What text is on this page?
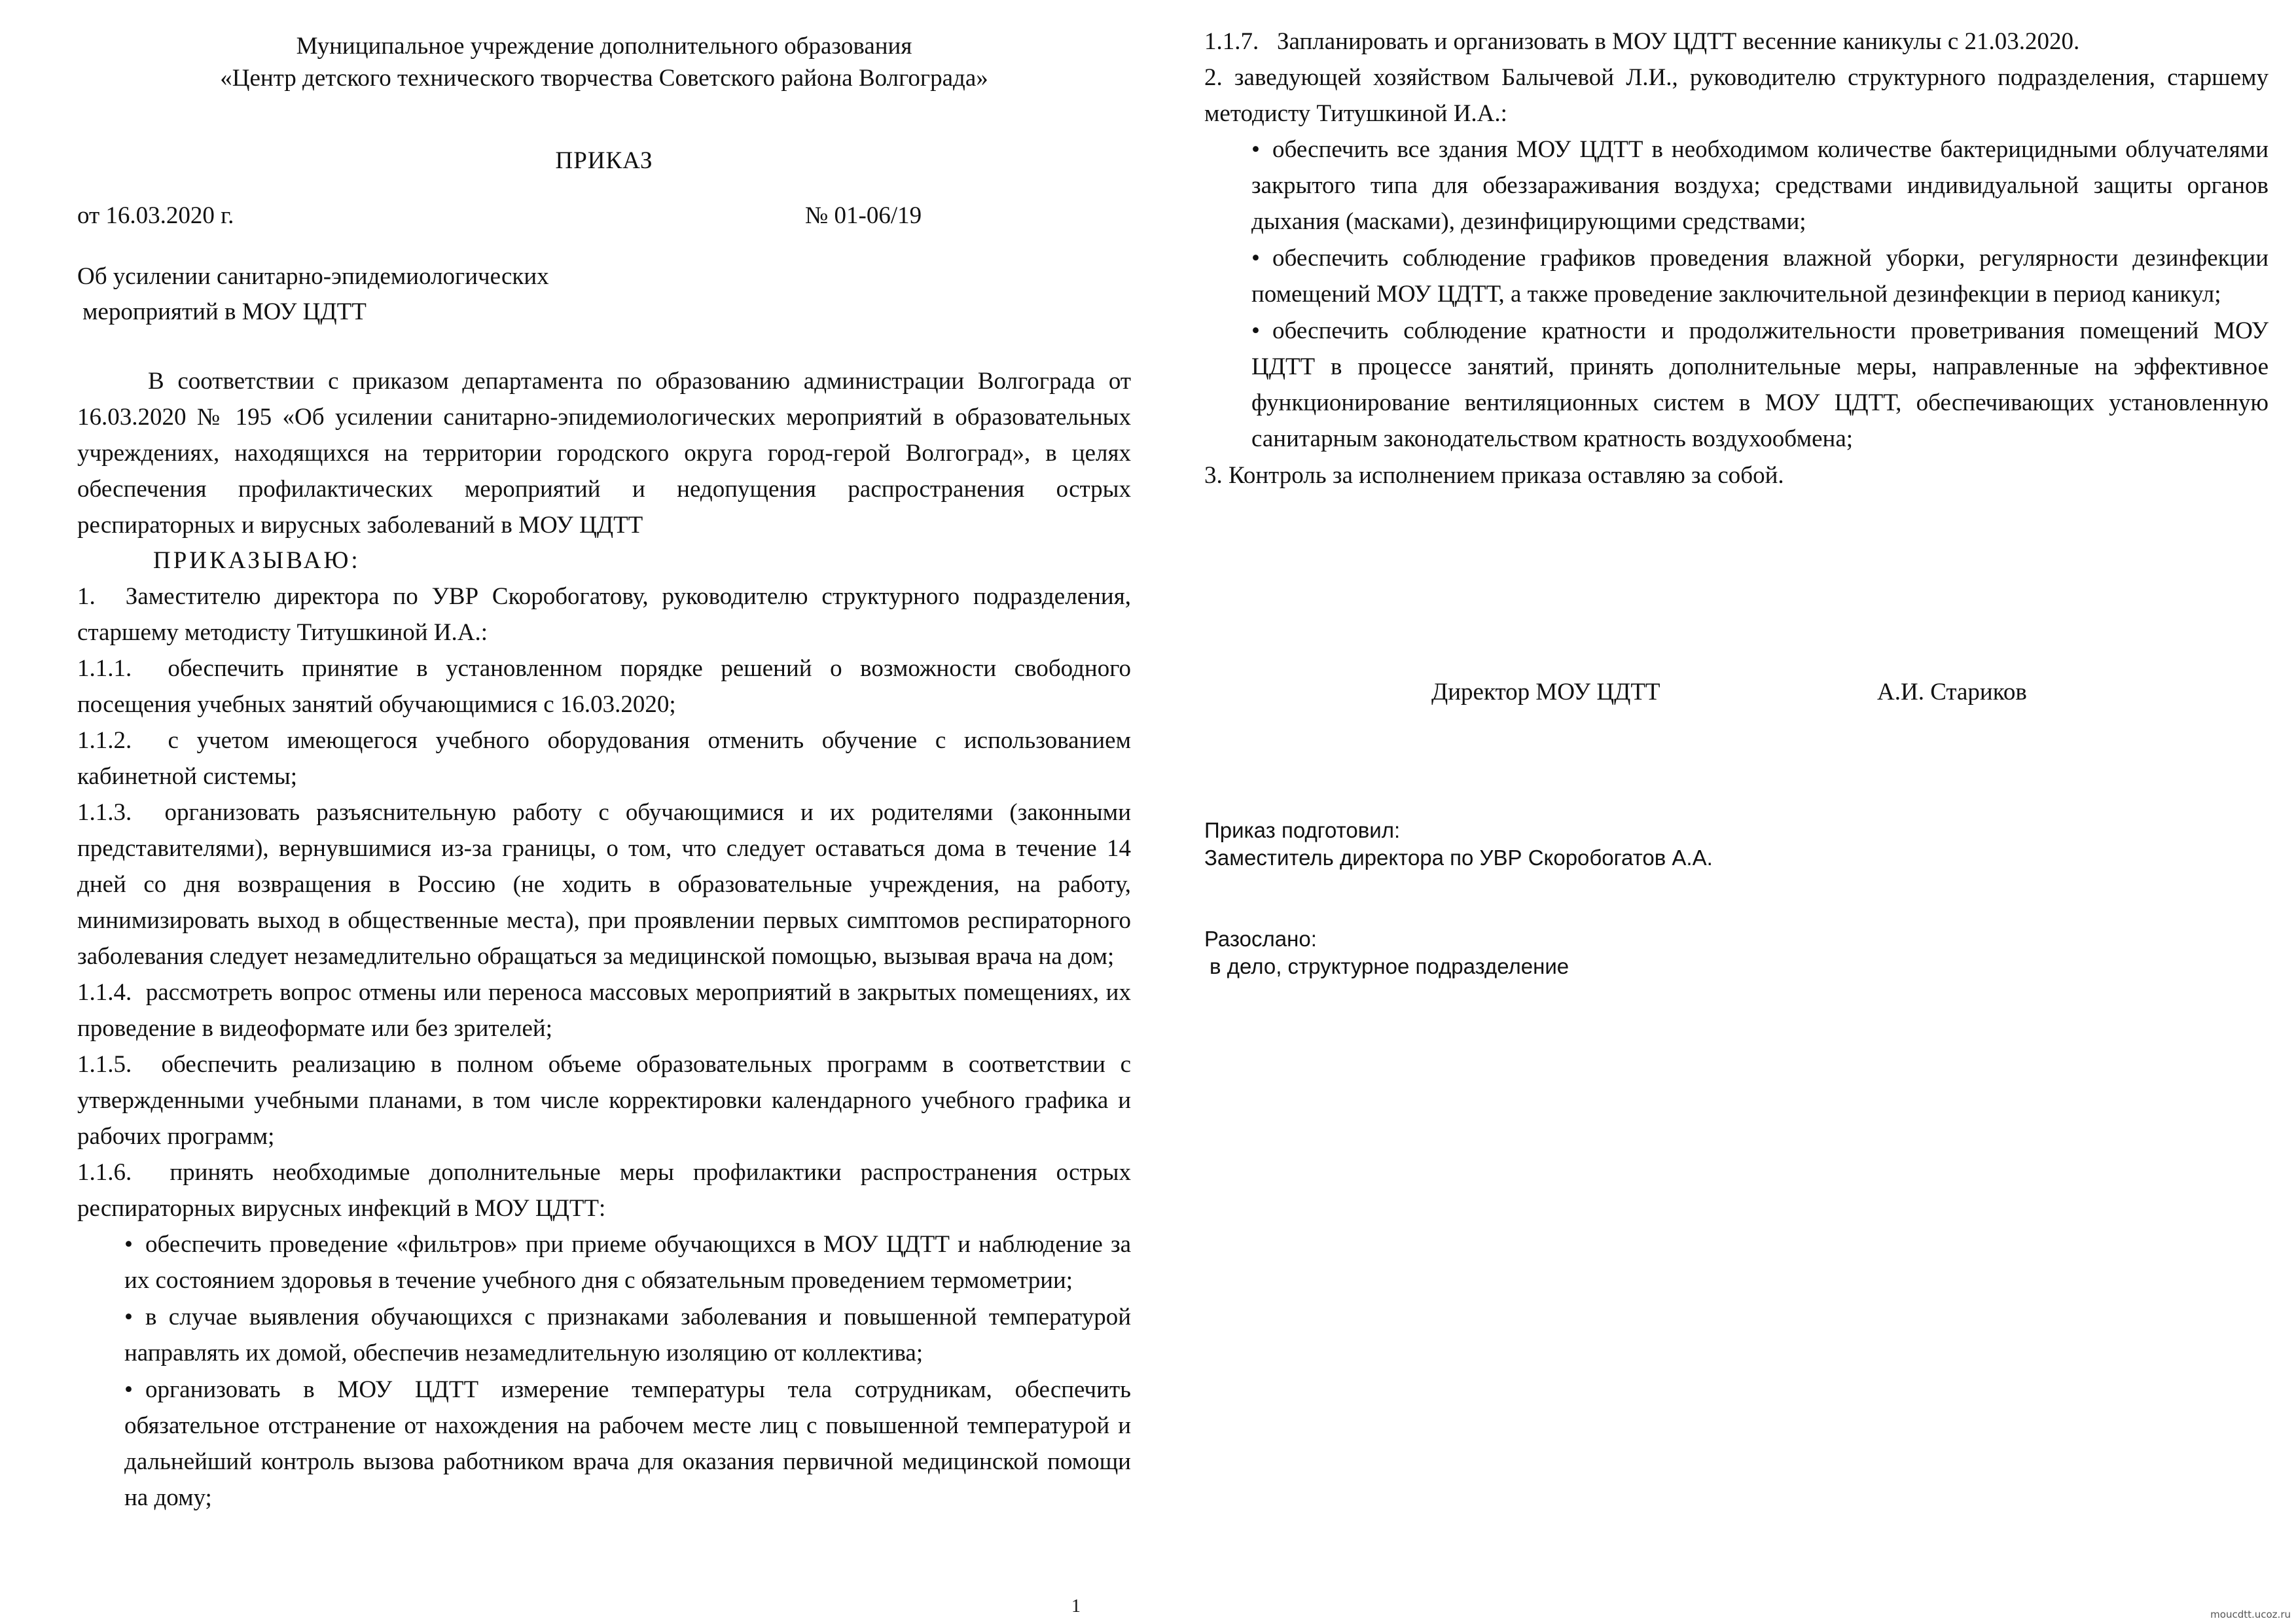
Муниципальное учреждение дополнительного образования
«Центр детского технического творчества Советского района Волгограда»
ПРИКАЗ
от 16.03.2020 г.	№ 01-06/19
Об усилении санитарно-эпидемиологических
мероприятий в МОУ ЦДТТ
В соответствии с приказом департамента по образованию администрации Волгограда от 16.03.2020 № 195 «Об усилении санитарно-эпидемиологических мероприятий в образовательных учреждениях, находящихся на территории городского округа город-герой Волгоград», в целях обеспечения профилактических мероприятий и недопущения распространения острых респираторных и вирусных заболеваний в МОУ ЦДТТ
ПРИКАЗЫВАЮ:
1. Заместителю директора по УВР Скоробогатову, руководителю структурного подразделения, старшему методисту Титушкиной И.А.:
1.1.1. обеспечить принятие в установленном порядке решений о возможности свободного посещения учебных занятий обучающимися с 16.03.2020;
1.1.2. с учетом имеющегося учебного оборудования отменить обучение с использованием кабинетной системы;
1.1.3. организовать разъяснительную работу с обучающимися и их родителями (законными представителями), вернувшимися из-за границы, о том, что следует оставаться дома в течение 14 дней со дня возвращения в Россию (не ходить в образовательные учреждения, на работу, минимизировать выход в общественные места), при проявлении первых симптомов респираторного заболевания следует незамедлительно обращаться за медицинской помощью, вызывая врача на дом;
1.1.4. рассмотреть вопрос отмены или переноса массовых мероприятий в закрытых помещениях, их проведение в видеоформате или без зрителей;
1.1.5. обеспечить реализацию в полном объеме образовательных программ в соответствии с утвержденными учебными планами, в том числе корректировки календарного учебного графика и рабочих программ;
1.1.6. принять необходимые дополнительные меры профилактики распространения острых респираторных вирусных инфекций в МОУ ЦДТТ:
• обеспечить проведение «фильтров» при приеме обучающихся в МОУ ЦДТТ и наблюдение за их состоянием здоровья в течение учебного дня с обязательным проведением термометрии;
• в случае выявления обучающихся с признаками заболевания и повышенной температурой направлять их домой, обеспечив незамедлительную изоляцию от коллектива;
• организовать в МОУ ЦДТТ измерение температуры тела сотрудникам, обеспечить обязательное отстранение от нахождения на рабочем месте лиц с повышенной температурой и дальнейший контроль вызова работником врача для оказания первичной медицинской помощи на дому;
1
1.1.7. Запланировать и организовать в МОУ ЦДТТ весенние каникулы с 21.03.2020.
2. заведующей хозяйством Балычевой Л.И., руководителю структурного подразделения, старшему методисту Титушкиной И.А.:
• обеспечить все здания МОУ ЦДТТ в необходимом количестве бактерицидными облучателями закрытого типа для обеззараживания воздуха; средствами индивидуальной защиты органов дыхания (масками), дезинфицирующими средствами;
• обеспечить соблюдение графиков проведения влажной уборки, регулярности дезинфекции помещений МОУ ЦДТТ, а также проведение заключительной дезинфекции в период каникул;
• обеспечить соблюдение кратности и продолжительности проветривания помещений МОУ ЦДТТ в процессе занятий, принять дополнительные меры, направленные на эффективное функционирование вентиляционных систем в МОУ ЦДТТ, обеспечивающих установленную санитарным законодательством кратность воздухообмена;
3. Контроль за исполнением приказа оставляю за собой.
Директор МОУ ЦДТТ	А.И. Стариков
Приказ подготовил:
Заместитель директора по УВР Скоробогатов А.А.
Разослано:
в дело, структурное подразделение
moucdtt.ucoz.ru
